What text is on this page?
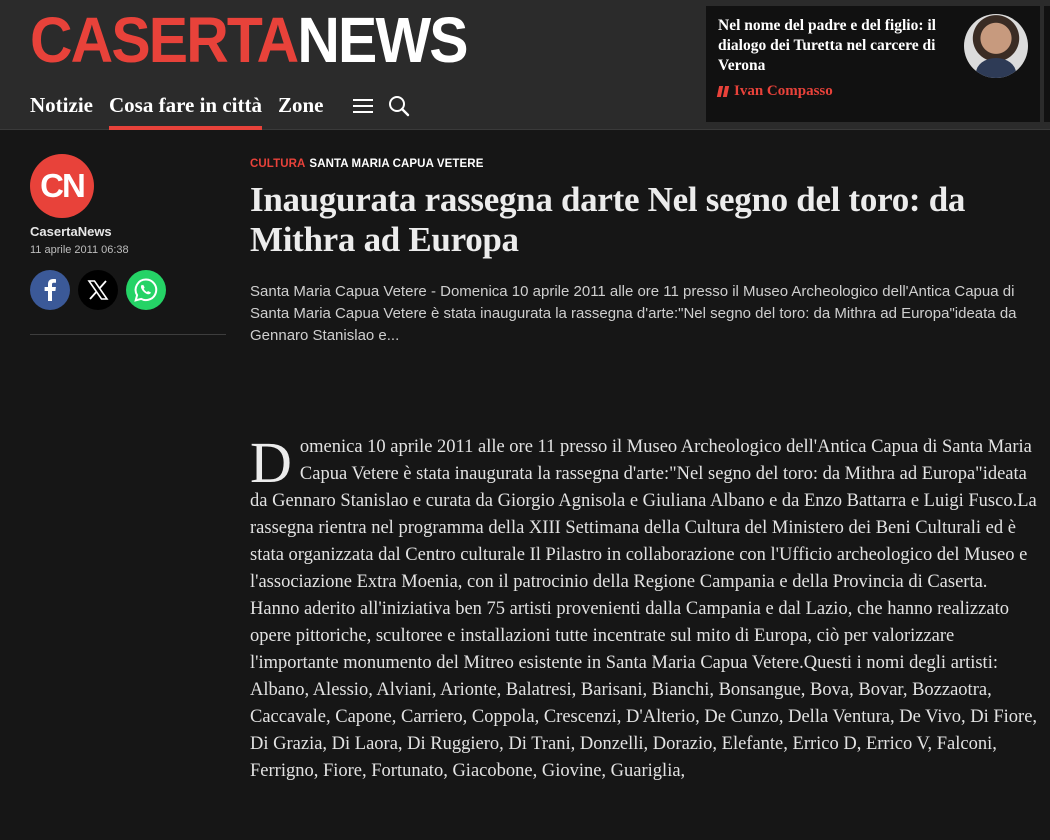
CASERTANEWS
Notizie Cosa fare in città Zone
Nel nome del padre e del figlio: il dialogo dei Turetta nel carcere di Verona
Ivan Compasso
CN
CasertaNews
11 aprile 2011 06:38
CULTURA SANTA MARIA CAPUA VETERE
Inaugurata rassegna darte Nel segno del toro: da Mithra ad Europa

Santa Maria Capua Vetere - Domenica 10 aprile 2011 alle ore 11 presso il Museo Archeologico dell'Antica Capua di Santa Maria Capua Vetere è stata inaugurata la rassegna d'arte:"Nel segno del toro: da Mithra ad Europa"ideata da Gennaro Stanislao e...

Domenica 10 aprile 2011 alle ore 11 presso il Museo Archeologico dell'Antica Capua di Santa Maria Capua Vetere è stata inaugurata la rassegna d'arte:"Nel segno del toro: da Mithra ad Europa"ideata da Gennaro Stanislao e curata da Giorgio Agnisola e Giuliana Albano e da Enzo Battarra e Luigi Fusco.La rassegna rientra nel programma della XIII Settimana della Cultura del Ministero dei Beni Culturali ed è stata organizzata dal Centro culturale Il Pilastro in collaborazione con l'Ufficio archeologico del Museo e l'associazione Extra Moenia, con il patrocinio della Regione Campania e della Provincia di Caserta.

Hanno aderito all'iniziativa ben 75 artisti provenienti dalla Campania e dal Lazio, che hanno realizzato opere pittoriche, scultoree e installazioni tutte incentrate sul mito di Europa, ciò per valorizzare l'importante monumento del Mitreo esistente in Santa Maria Capua Vetere.Questi i nomi degli artisti:

Albano, Alessio, Alviani, Arionte, Balatresi, Barisani, Bianchi, Bonsangue, Bova, Bovar, Bozzaotra, Caccavale, Capone, Carriero, Coppola, Crescenzi, D'Alterio, De Cunzo, Della Ventura, De Vivo, Di Fiore, Di Grazia, Di Laora, Di Ruggiero, Di Trani, Donzelli, Dorazio, Elefante, Errico D, Errico V, Falconi, Ferrigno, Fiore, Fortunato, Giacobone, Giovine, Guariglia,
